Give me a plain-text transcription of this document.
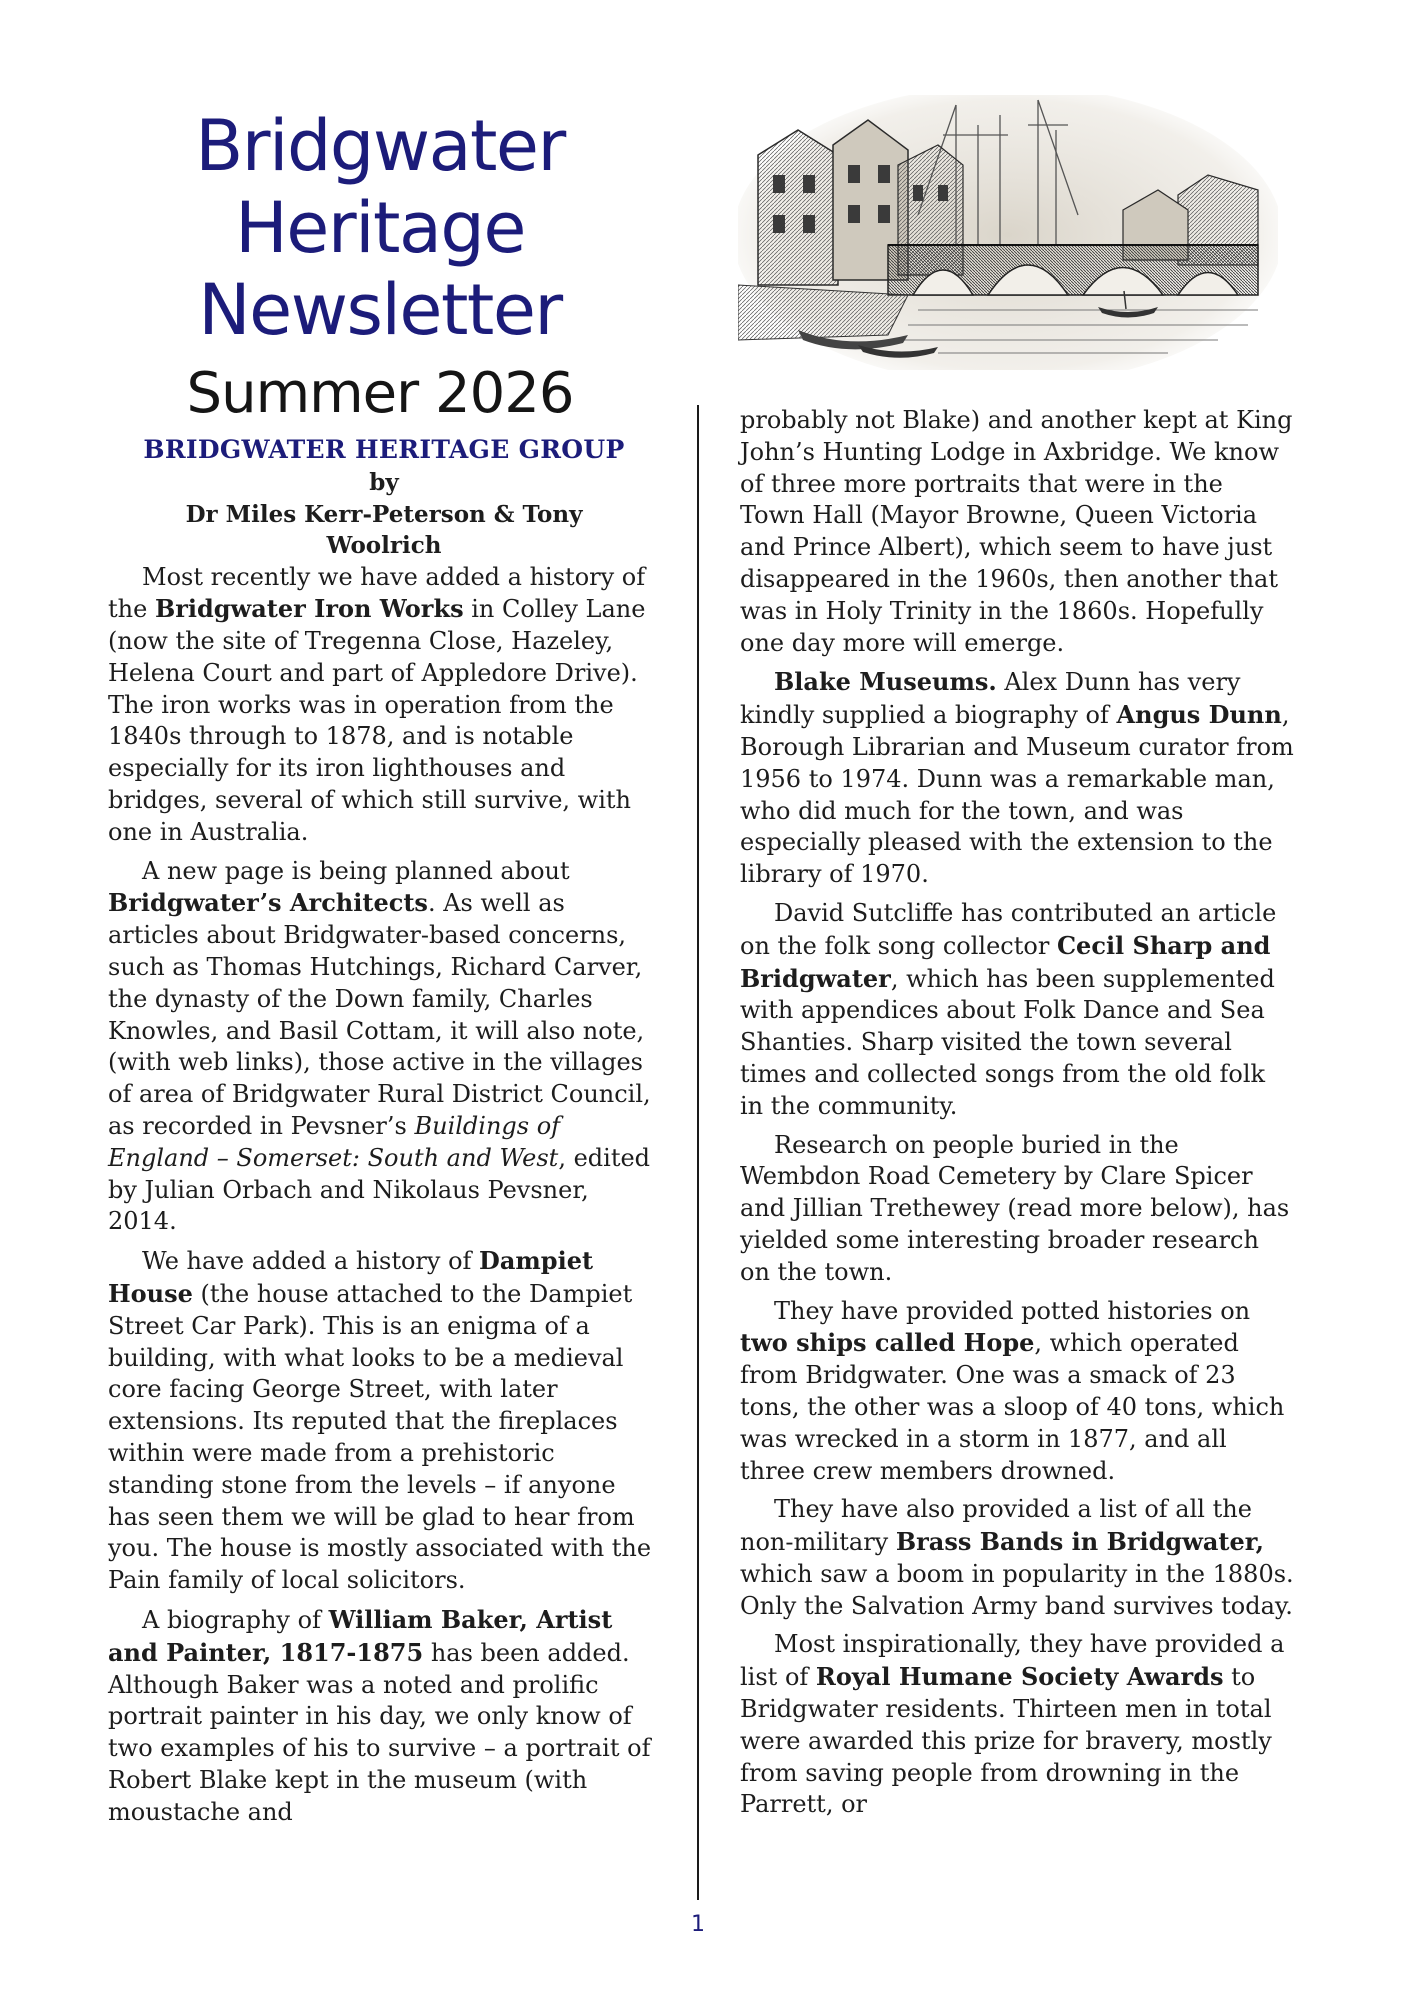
Bridgwater Heritage
Newsletter
Summer 2026
BRIDGWATER HERITAGE GROUP
by
Dr Miles Kerr-Peterson & Tony Woolrich

Most recently we have added a history of the Bridgwater Iron Works in Colley Lane (now the site of Tregenna Close, Hazeley, Helena Court and part of Appledore Drive). The iron works was in operation from the 1840s through to 1878, and is notable especially for its iron lighthouses and bridges, several of which still survive, with one in Australia.

A new page is being planned about Bridgwater’s Architects. As well as articles about Bridgwater-based concerns, such as Thomas Hutchings, Richard Carver, the dynasty of the Down family, Charles Knowles, and Basil Cottam, it will also note, (with web links), those active in the villages of area of Bridgwater Rural District Council, as recorded in Pevsner’s Buildings of England – Somerset: South and West, edited by Julian Orbach and Nikolaus Pevsner, 2014.

We have added a history of Dampiet House (the house attached to the Dampiet Street Car Park). This is an enigma of a building, with what looks to be a medieval core facing George Street, with later extensions. Its reputed that the fireplaces within were made from a prehistoric standing stone from the levels – if anyone has seen them we will be glad to hear from you. The house is mostly associated with the Pain family of local solicitors.

A biography of William Baker, Artist and Painter, 1817-1875 has been added. Although Baker was a noted and prolific portrait painter in his day, we only know of two examples of his to survive – a portrait of Robert Blake kept in the museum (with moustache and

probably not Blake) and another kept at King John’s Hunting Lodge in Axbridge. We know of three more portraits that were in the Town Hall (Mayor Browne, Queen Victoria and Prince Albert), which seem to have just disappeared in the 1960s, then another that was in Holy Trinity in the 1860s. Hopefully one day more will emerge.

Blake Museums. Alex Dunn has very kindly supplied a biography of Angus Dunn, Borough Librarian and Museum curator from 1956 to 1974. Dunn was a remarkable man, who did much for the town, and was especially pleased with the extension to the library of 1970.

David Sutcliffe has contributed an article on the folk song collector Cecil Sharp and Bridgwater, which has been supplemented with appendices about Folk Dance and Sea Shanties. Sharp visited the town several times and collected songs from the old folk in the community.

Research on people buried in the Wembdon Road Cemetery by Clare Spicer and Jillian Trethewey (read more below), has yielded some interesting broader research on the town.

They have provided potted histories on two ships called Hope, which operated from Bridgwater. One was a smack of 23 tons, the other was a sloop of 40 tons, which was wrecked in a storm in 1877, and all three crew members drowned.

They have also provided a list of all the non-military Brass Bands in Bridgwater, which saw a boom in popularity in the 1880s. Only the Salvation Army band survives today.

Most inspirationally, they have provided a list of Royal Humane Society Awards to Bridgwater residents. Thirteen men in total were awarded this prize for bravery, mostly from saving people from drowning in the Parrett, or

1
